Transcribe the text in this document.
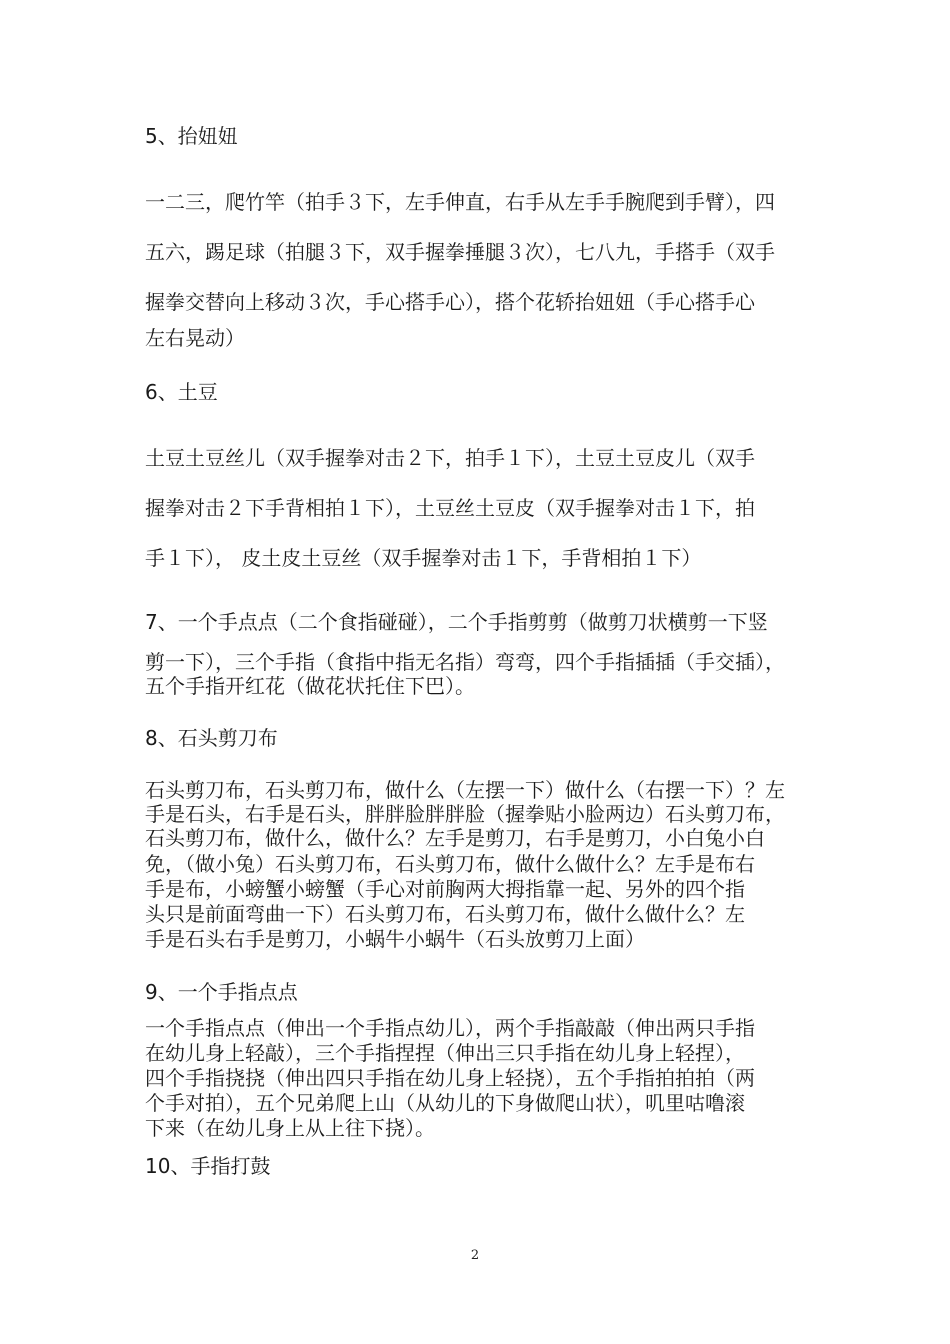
5、抬妞妞

一二三，爬竹竿（拍手３下，左手伸直，右手从左手手腕爬到手臂），四

五六，踢足球（拍腿３下，双手握拳捶腿３次），七八九，手搭手（双手

握拳交替向上移动３次，手心搭手心），搭个花轿抬妞妞（手心搭手心

左右晃动）

6、土豆

土豆土豆丝儿（双手握拳对击２下，拍手１下），土豆土豆皮儿（双手

握拳对击２下手背相拍１下），土豆丝土豆皮（双手握拳对击１下，拍

手１下）， 皮土皮土豆丝（双手握拳对击１下，手背相拍１下）

7、一个手点点（二个食指碰碰），二个手指剪剪（做剪刀状横剪一下竖

剪一下），三个手指（食指中指无名指）弯弯，四个手指插插（手交插），

五个手指开红花（做花状托住下巴）。

8、石头剪刀布

石头剪刀布，石头剪刀布，做什么（左摆一下）做什么（右摆一下）？左

手是石头，右手是石头，胖胖脸胖胖脸（握拳贴小脸两边）石头剪刀布，

石头剪刀布，做什么，做什么？左手是剪刀，右手是剪刀，小白兔小白

免，（做小兔）石头剪刀布，石头剪刀布，做什么做什么？左手是布右

手是布，小螃蟹小螃蟹（手心对前胸两大拇指靠一起、另外的四个指

头只是前面弯曲一下）石头剪刀布，石头剪刀布，做什么做什么？左

手是石头右手是剪刀，小蜗牛小蜗牛（石头放剪刀上面）

9、一个手指点点

一个手指点点（伸出一个手指点幼儿），两个手指敲敲（伸出两只手指

在幼儿身上轻敲），三个手指捏捏（伸出三只手指在幼儿身上轻捏），

四个手指挠挠（伸出四只手指在幼儿身上轻挠），五个手指拍拍拍（两

个手对拍），五个兄弟爬上山（从幼儿的下身做爬山状），叽里咕噜滚

下来（在幼儿身上从上往下挠）。

10、手指打鼓

2
